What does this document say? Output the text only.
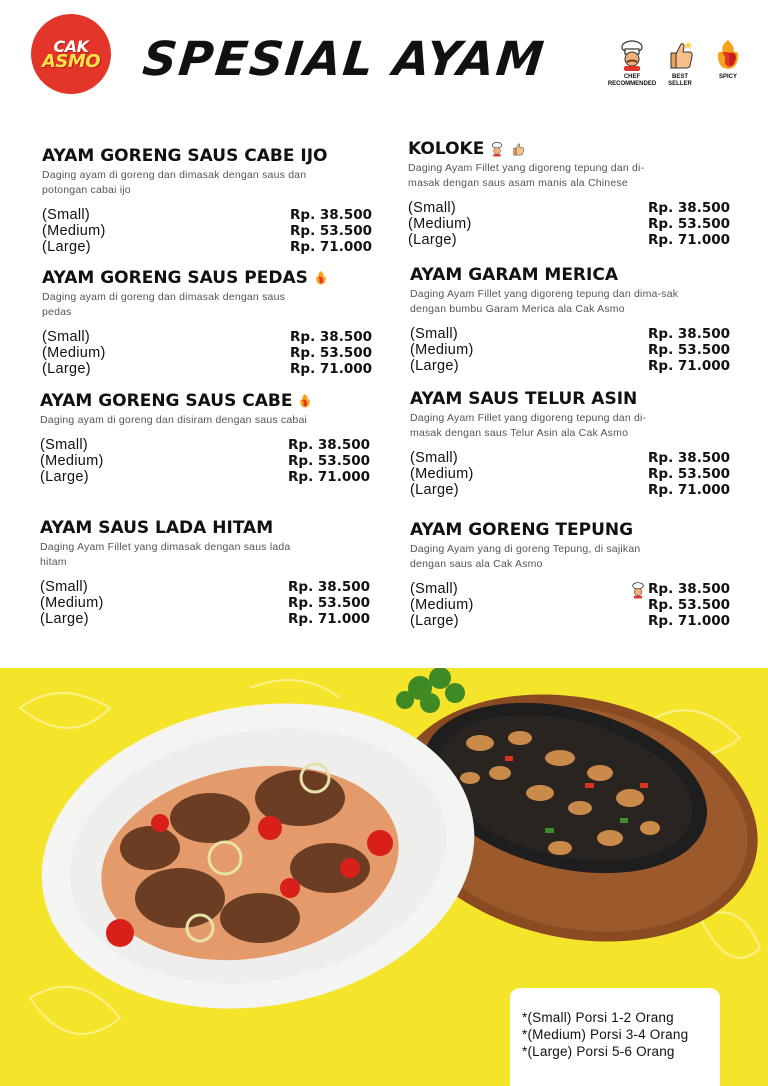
CAK
ASMO SPESIAL AYAM	CHEF
RECOMMENDED
BEST
SELLER
SPICY
AYAM GORENG SAUS CABE IJO
Daging ayam di goreng dan dimasak dengan saus dan potongan cabai ijo
(Small)	Rp. 38.500
(Medium)	Rp. 53.500
(Large)	Rp. 71.000
AYAM GORENG SAUS PEDAS
Daging ayam di goreng dan dimasak dengan saus pedas
(Small)	Rp. 38.500
(Medium)	Rp. 53.500
(Large)	Rp. 71.000
AYAM GORENG SAUS CABE
Daging ayam di goreng dan disiram dengan saus cabai
(Small)	Rp. 38.500
(Medium)	Rp. 53.500
(Large)	Rp. 71.000
AYAM SAUS LADA HITAM
Daging Ayam Fillet yang dimasak dengan saus lada hitam
(Small)	Rp. 38.500
(Medium)	Rp. 53.500
(Large)	Rp. 71.000
KOLOKE
Daging Ayam Fillet yang digoreng tepung dan di-masak dengan saus asam manis ala Chinese
(Small)	Rp. 38.500
(Medium)	Rp. 53.500
(Large)	Rp. 71.000
AYAM GARAM MERICA
Daging Ayam Fillet yang digoreng tepung dan dima-sak dengan bumbu Garam Merica ala Cak Asmo
(Small)	Rp. 38.500
(Medium)	Rp. 53.500
(Large)	Rp. 71.000
AYAM SAUS TELUR ASIN
Daging Ayam Fillet yang digoreng tepung dan di-masak dengan saus Telur Asin ala Cak Asmo
(Small)	Rp. 38.500
(Medium)	Rp. 53.500
(Large)	Rp. 71.000
AYAM GORENG TEPUNG
Daging Ayam yang di goreng Tepung, di sajikan dengan saus ala Cak Asmo
(Small)	Rp. 38.500
(Medium)	Rp. 53.500
(Large)	Rp. 71.000
*(Small) Porsi 1-2 Orang
*(Medium) Porsi 3-4 Orang
*(Large) Porsi 5-6 Orang
